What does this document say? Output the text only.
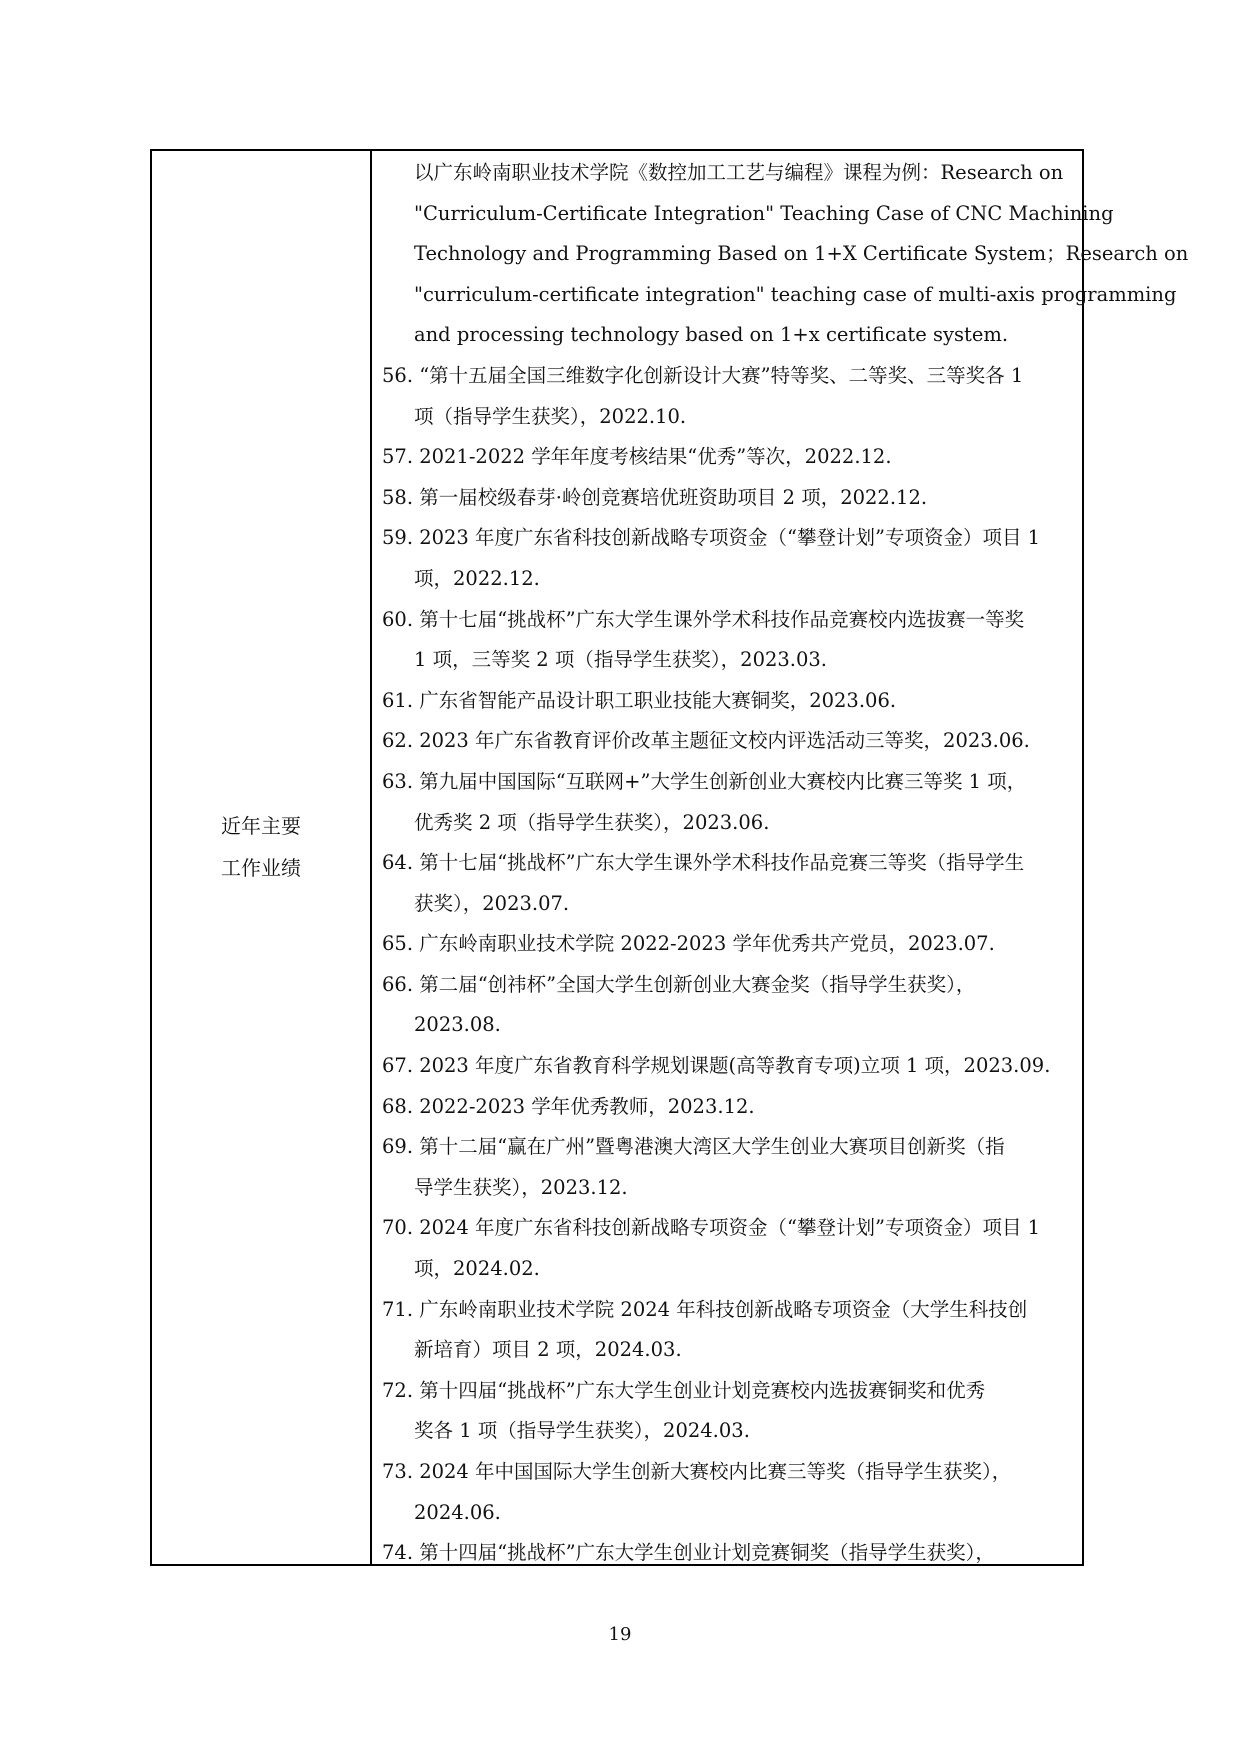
近年主要
工作业绩
以广东岭南职业技术学院《数控加工工艺与编程》课程为例：Research on
"Curriculum-Certificate Integration" Teaching Case of CNC Machining
Technology and Programming Based on 1+X Certificate System；Research on
"curriculum-certificate integration" teaching case of multi-axis programming
and processing technology based on 1+x certificate system.
56. “第十五届全国三维数字化创新设计大赛”特等奖、二等奖、三等奖各 1
项（指导学生获奖），2022.10.
57. 2021-2022 学年年度考核结果“优秀”等次，2022.12.
58. 第一届校级春芽·岭创竞赛培优班资助项目 2 项，2022.12.
59. 2023 年度广东省科技创新战略专项资金（“攀登计划”专项资金）项目 1
项，2022.12.
60. 第十七届“挑战杯”广东大学生课外学术科技作品竞赛校内选拔赛一等奖
1 项，三等奖 2 项（指导学生获奖），2023.03.
61. 广东省智能产品设计职工职业技能大赛铜奖，2023.06.
62. 2023 年广东省教育评价改革主题征文校内评选活动三等奖，2023.06.
63. 第九届中国国际“互联网+”大学生创新创业大赛校内比赛三等奖 1 项，
优秀奖 2 项（指导学生获奖），2023.06.
64. 第十七届“挑战杯”广东大学生课外学术科技作品竞赛三等奖（指导学生
获奖），2023.07.
65. 广东岭南职业技术学院 2022-2023 学年优秀共产党员，2023.07.
66. 第二届“创祎杯”全国大学生创新创业大赛金奖（指导学生获奖），
2023.08.
67. 2023 年度广东省教育科学规划课题(高等教育专项)立项 1 项，2023.09.
68. 2022-2023 学年优秀教师，2023.12.
69. 第十二届“赢在广州”暨粤港澳大湾区大学生创业大赛项目创新奖（指
导学生获奖），2023.12.
70. 2024 年度广东省科技创新战略专项资金（“攀登计划”专项资金）项目 1
项，2024.02.
71. 广东岭南职业技术学院 2024 年科技创新战略专项资金（大学生科技创
新培育）项目 2 项，2024.03.
72. 第十四届“挑战杯”广东大学生创业计划竞赛校内选拔赛铜奖和优秀
奖各 1 项（指导学生获奖），2024.03.
73. 2024 年中国国际大学生创新大赛校内比赛三等奖（指导学生获奖），
2024.06.
74. 第十四届“挑战杯”广东大学生创业计划竞赛铜奖（指导学生获奖），
19
